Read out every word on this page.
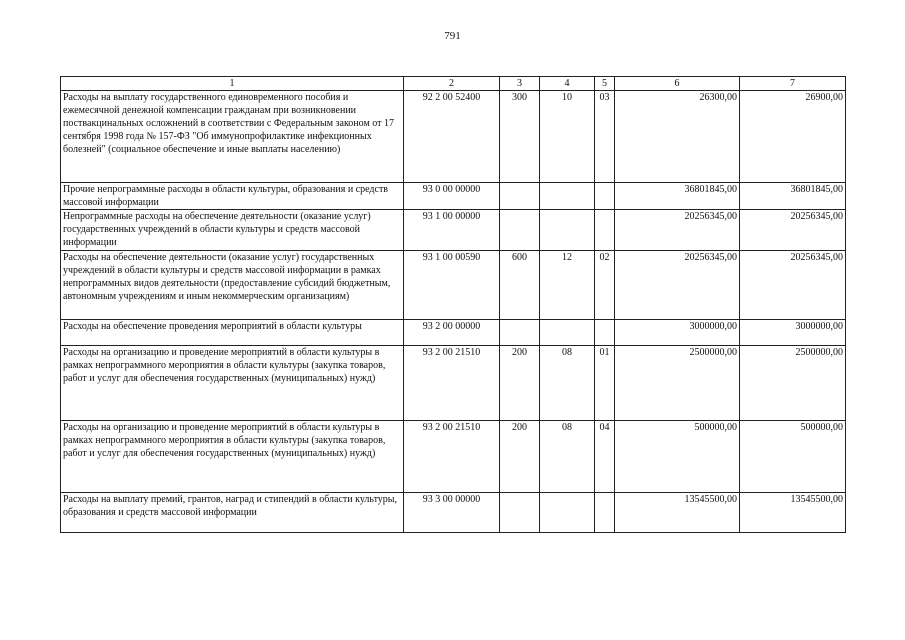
791
1	2	3	4	5	6	7
Расходы на выплату государственного единовременного пособия и ежемесячной денежной компенсации гражданам при возникновении поствакцинальных осложнений в соответствии с Федеральным законом от 17 сентября 1998 года № 157-ФЗ "Об иммунопрофилактике инфекционных болезней" (социальное обеспечение и иные выплаты населению)	92 2 00 52400	300	10	03	26300,00	26900,00
Прочие непрограммные расходы в области культуры, образования и средств массовой информации	93 0 00 00000				36801845,00	36801845,00
Непрограммные расходы на обеспечение деятельности (оказание услуг) государственных учреждений в области культуры и средств массовой информации	93 1 00 00000				20256345,00	20256345,00
Расходы на обеспечение деятельности (оказание услуг) государственных учреждений в области культуры и средств массовой информации в рамках непрограммных видов деятельности (предоставление субсидий бюджетным, автономным учреждениям и иным некоммерческим организациям)	93 1 00 00590	600	12	02	20256345,00	20256345,00
Расходы на обеспечение проведения мероприятий в области культуры	93 2 00 00000				3000000,00	3000000,00
Расходы на организацию и проведение мероприятий в области культуры в рамках непрограммного мероприятия в области культуры (закупка товаров, работ и услуг для обеспечения государственных (муниципальных) нужд)	93 2 00 21510	200	08	01	2500000,00	2500000,00
Расходы на организацию и проведение мероприятий в области культуры в рамках непрограммного мероприятия в области культуры (закупка товаров, работ и услуг для обеспечения государственных (муниципальных) нужд)	93 2 00 21510	200	08	04	500000,00	500000,00
Расходы на выплату премий, грантов, наград и стипендий в области культуры, образования и средств массовой информации	93 3 00 00000				13545500,00	13545500,00
